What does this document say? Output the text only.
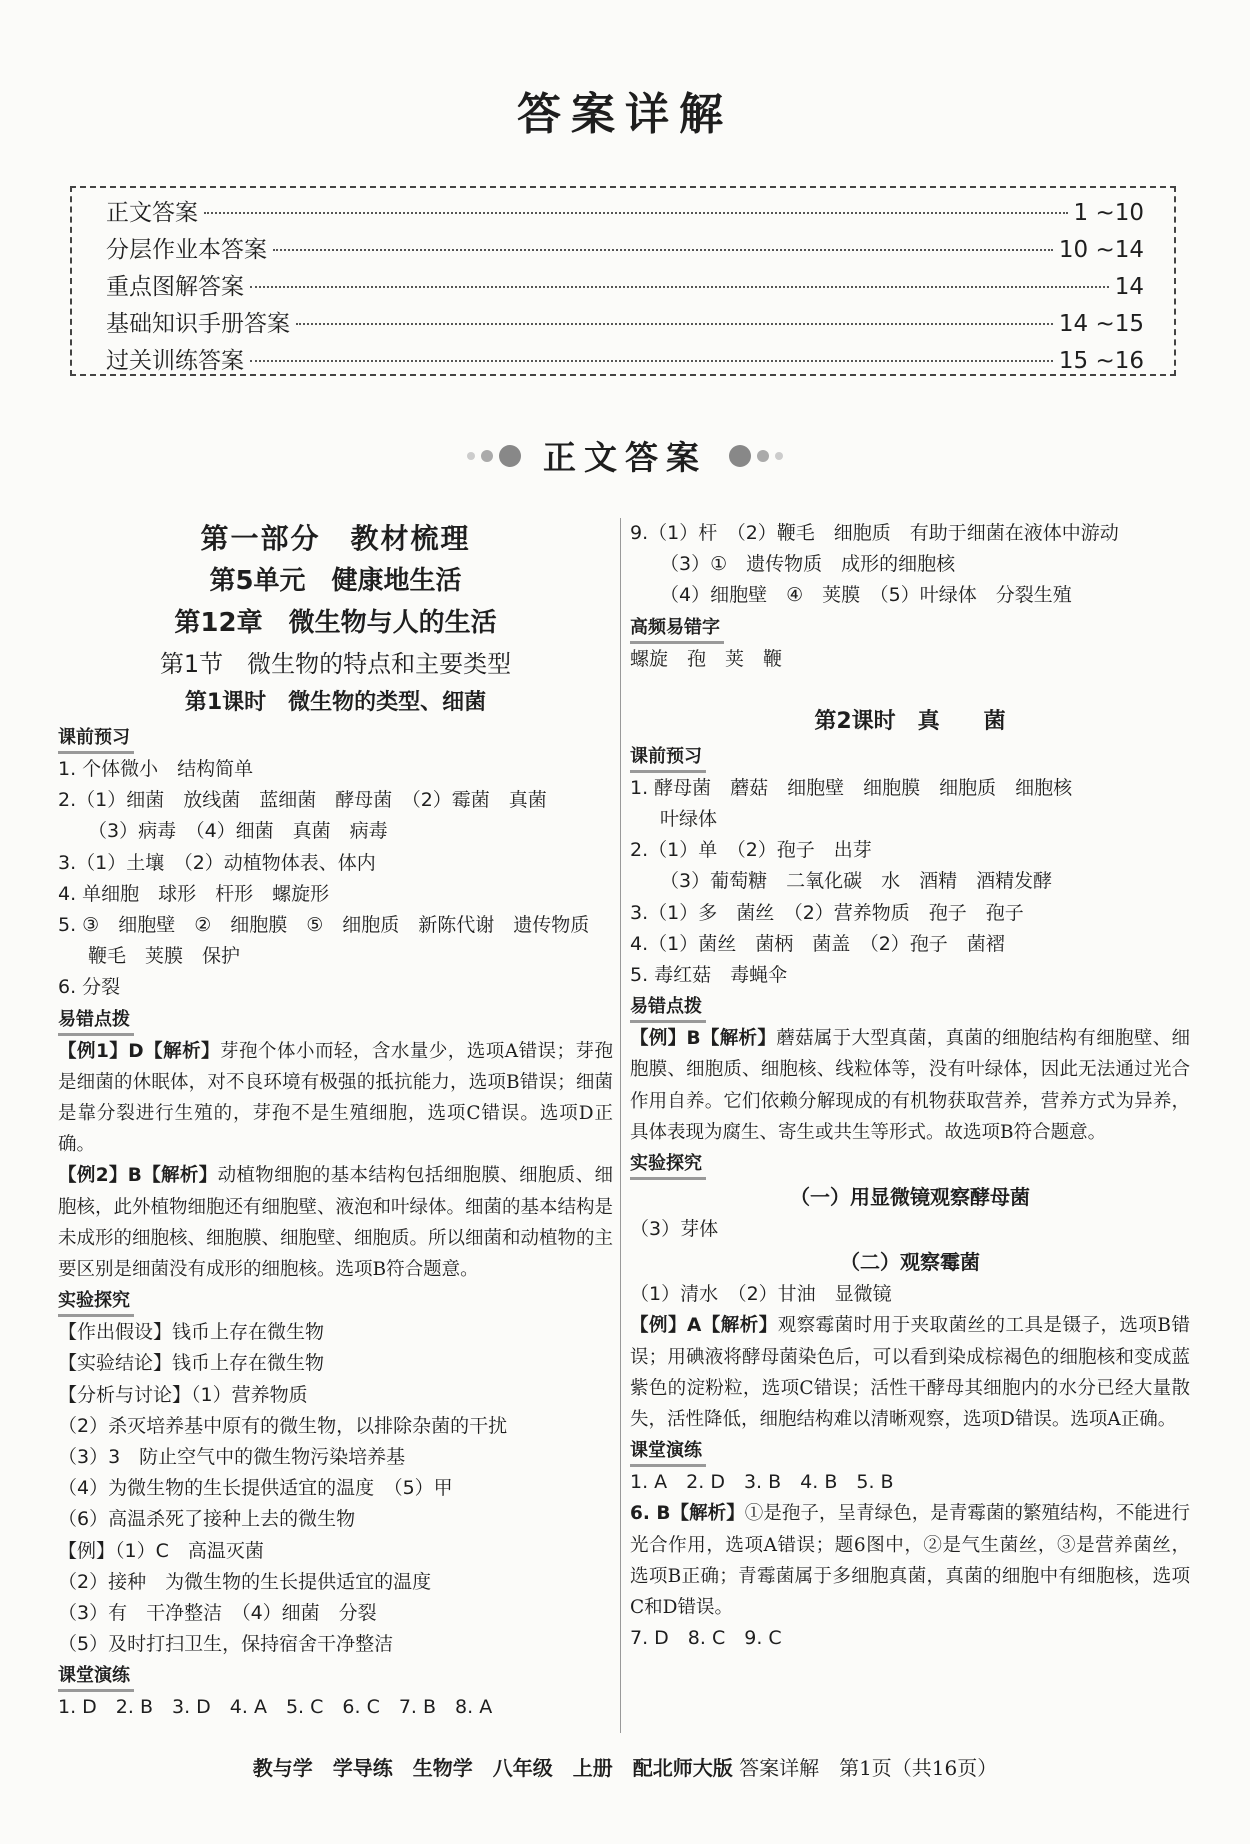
答案详解
正文答案	1 ~10
分层作业本答案	10 ~14
重点图解答案	14
基础知识手册答案	14 ~15
过关训练答案	15 ~16
正文答案
第一部分　教材梳理
第5单元　健康地生活
第12章　微生物与人的生活
第1节　微生物的特点和主要类型
第1课时　微生物的类型、细菌
课前预习
1. 个体微小　结构简单
2.（1）细菌　放线菌　蓝细菌　酵母菌　（2）霉菌　真菌
（3）病毒　（4）细菌　真菌　病毒
3.（1）土壤　（2）动植物体表、体内
4. 单细胞　球形　杆形　螺旋形
5. ③　细胞壁　②　细胞膜　⑤　细胞质　新陈代谢　遗传物质
鞭毛　荚膜　保护
6. 分裂
易错点拨
【例1】D【解析】芽孢个体小而轻，含水量少，选项A错误；芽孢是细菌的休眠体，对不良环境有极强的抵抗能力，选项B错误；细菌是靠分裂进行生殖的，芽孢不是生殖细胞，选项C错误。选项D正确。
【例2】B【解析】动植物细胞的基本结构包括细胞膜、细胞质、细胞核，此外植物细胞还有细胞壁、液泡和叶绿体。细菌的基本结构是未成形的细胞核、细胞膜、细胞壁、细胞质。所以细菌和动植物的主要区别是细菌没有成形的细胞核。选项B符合题意。
实验探究
【作出假设】钱币上存在微生物
【实验结论】钱币上存在微生物
【分析与讨论】（1）营养物质
（2）杀灭培养基中原有的微生物，以排除杂菌的干扰
（3）3　防止空气中的微生物污染培养基
（4）为微生物的生长提供适宜的温度　（5）甲
（6）高温杀死了接种上去的微生物
【例】（1）C　高温灭菌
（2）接种　为微生物的生长提供适宜的温度
（3）有　干净整洁　（4）细菌　分裂
（5）及时打扫卫生，保持宿舍干净整洁
课堂演练
1. D　2. B　3. D　4. A　5. C　6. C　7. B　8. A
9.（1）杆　（2）鞭毛　细胞质　有助于细菌在液体中游动
（3）①　遗传物质　成形的细胞核
（4）细胞壁　④　荚膜　（5）叶绿体　分裂生殖
高频易错字
螺旋　孢　荚　鞭
第2课时　真　　菌
课前预习
1. 酵母菌　蘑菇　细胞壁　细胞膜　细胞质　细胞核
叶绿体
2.（1）单　（2）孢子　出芽
（3）葡萄糖　二氧化碳　水　酒精　酒精发酵
3.（1）多　菌丝　（2）营养物质　孢子　孢子
4.（1）菌丝　菌柄　菌盖　（2）孢子　菌褶
5. 毒红菇　毒蝇伞
易错点拨
【例】B【解析】蘑菇属于大型真菌，真菌的细胞结构有细胞壁、细胞膜、细胞质、细胞核、线粒体等，没有叶绿体，因此无法通过光合作用自养。它们依赖分解现成的有机物获取营养，营养方式为异养，具体表现为腐生、寄生或共生等形式。故选项B符合题意。
实验探究
（一）用显微镜观察酵母菌
（3）芽体
（二）观察霉菌
（1）清水　（2）甘油　显微镜
【例】A【解析】观察霉菌时用于夹取菌丝的工具是镊子，选项B错误；用碘液将酵母菌染色后，可以看到染成棕褐色的细胞核和变成蓝紫色的淀粉粒，选项C错误；活性干酵母其细胞内的水分已经大量散失，活性降低，细胞结构难以清晰观察，选项D错误。选项A正确。
课堂演练
1. A　2. D　3. B　4. B　5. B
6. B【解析】①是孢子，呈青绿色，是青霉菌的繁殖结构，不能进行光合作用，选项A错误；题6图中，②是气生菌丝，③是营养菌丝，选项B正确；青霉菌属于多细胞真菌，真菌的细胞中有细胞核，选项C和D错误。
7. D　8. C　9. C
教与学　学导练　生物学　八年级　上册　配北师大版 答案详解　第1页（共16页）
